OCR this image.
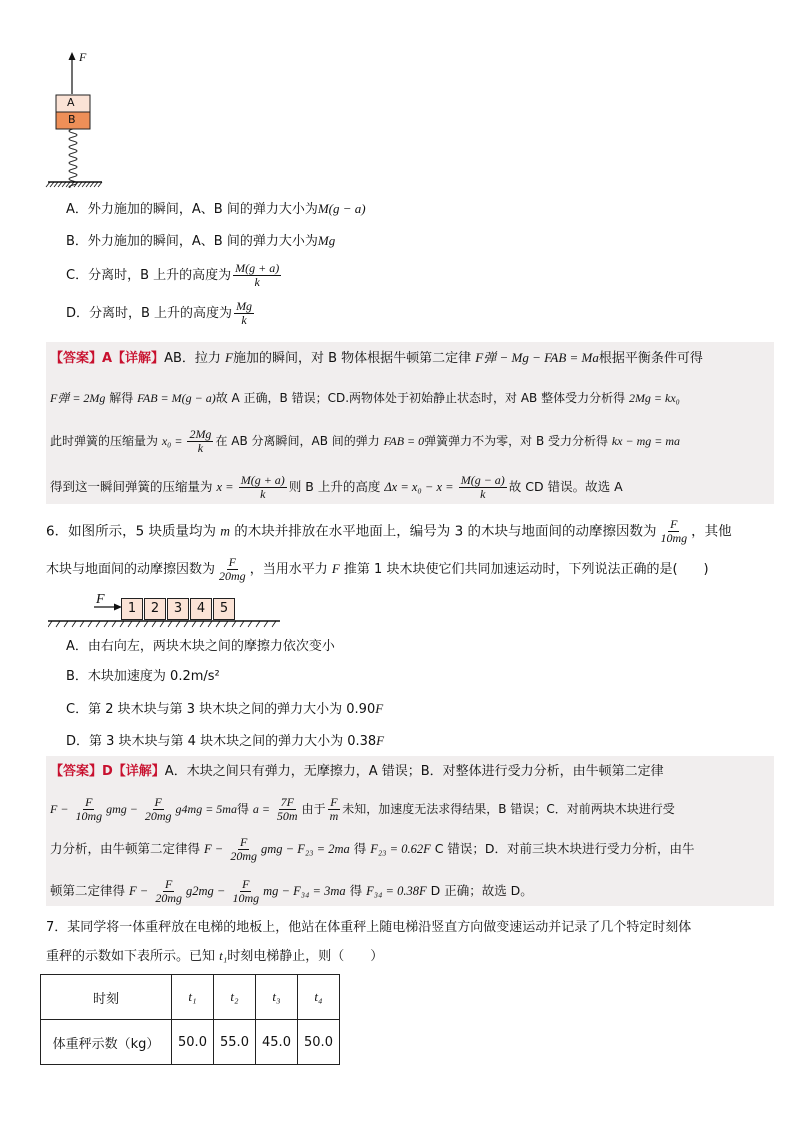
F
A
B
A．外力施加的瞬间，A、B 间的弹力大小为M(g − a)
B．外力施加的瞬间，A、B 间的弹力大小为Mg
C．分离时，B 上升的高度为 $\frac{M(g + a)}{k}$
D．分离时，B 上升的高度为 $\frac{Mg}{k}$
【答案】A【详解】AB．拉力 F施加的瞬间，对 B 物体根据牛顿第二定律 F弹 − Mg − FAB = Ma根据平衡条件可得
F弹 = 2Mg 解得 FAB = M(g − a)故 A 正确，B 错误；CD.两物体处于初始静止状态时，对 AB 整体受力分析得 2Mg = kx₀
此时弹簧的压缩量为 $x_0 = \frac{2Mg}{k}$ 在 AB 分离瞬间，AB 间的弹力 FAB = 0弹簧弹力不为零，对 B 受力分析得 kx − mg = ma
得到这一瞬间弹簧的压缩量为 $x = \frac{M(g + a)}{k}$ 则 B 上升的高度 $\Delta x = x_0 - x = \frac{M(g - a)}{k}$ 故 CD 错误。故选 A
6．如图所示，5 块质量均为 m 的木块并排放在水平地面上，编号为 3 的木块与地面间的动摩擦因数为 $\frac{F}{10mg}$ ，其他
木块与地面间的动摩擦因数为 $\frac{F}{20mg}$ ，当用水平力 F 推第 1 块木块使它们共同加速运动时，下列说法正确的是(　　)
F
1 2 3 4 5
A．由右向左，两块木块之间的摩擦力依次变小
B．木块加速度为 0.2m/s²
C．第 2 块木块与第 3 块木块之间的弹力大小为 0.90F
D．第 3 块木块与第 4 块木块之间的弹力大小为 0.38F
【答案】D【详解】A．木块之间只有弹力，无摩擦力，A 错误；B．对整体进行受力分析，由牛顿第二定律
$F - \frac{F}{10mg}$ gmg − $\frac{F}{20mg} g4mg = 5ma$得 $a = \frac{7F}{50m}$ 由于 $\frac{F}{m}$ 未知，加速度无法求得结果，B 错误；C．对前两块木块进行受
力分析，由牛顿第二定律得 $F - \frac{F}{20mg}$ gmg − F₂₃ = 2ma 得 F₂₃ = 0.62F C 错误；D．对前三块木块进行受力分析，由牛
顿第二定律得 $F - \frac{F}{20mg} g2mg - \frac{F}{10mg}$ mg − F₃₄ = 3ma 得 F₃₄ = 0.38F D 正确；故选 D。
7．某同学将一体重秤放在电梯的地板上，他站在体重秤上随电梯沿竖直方向做变速运动并记录了几个特定时刻体
重秤的示数如下表所示。已知 t₁时刻电梯静止，则（　　）
时刻	t₁	t₂	t₃	t₄
体重秤示数（kg）	50.0	55.0	45.0	50.0
